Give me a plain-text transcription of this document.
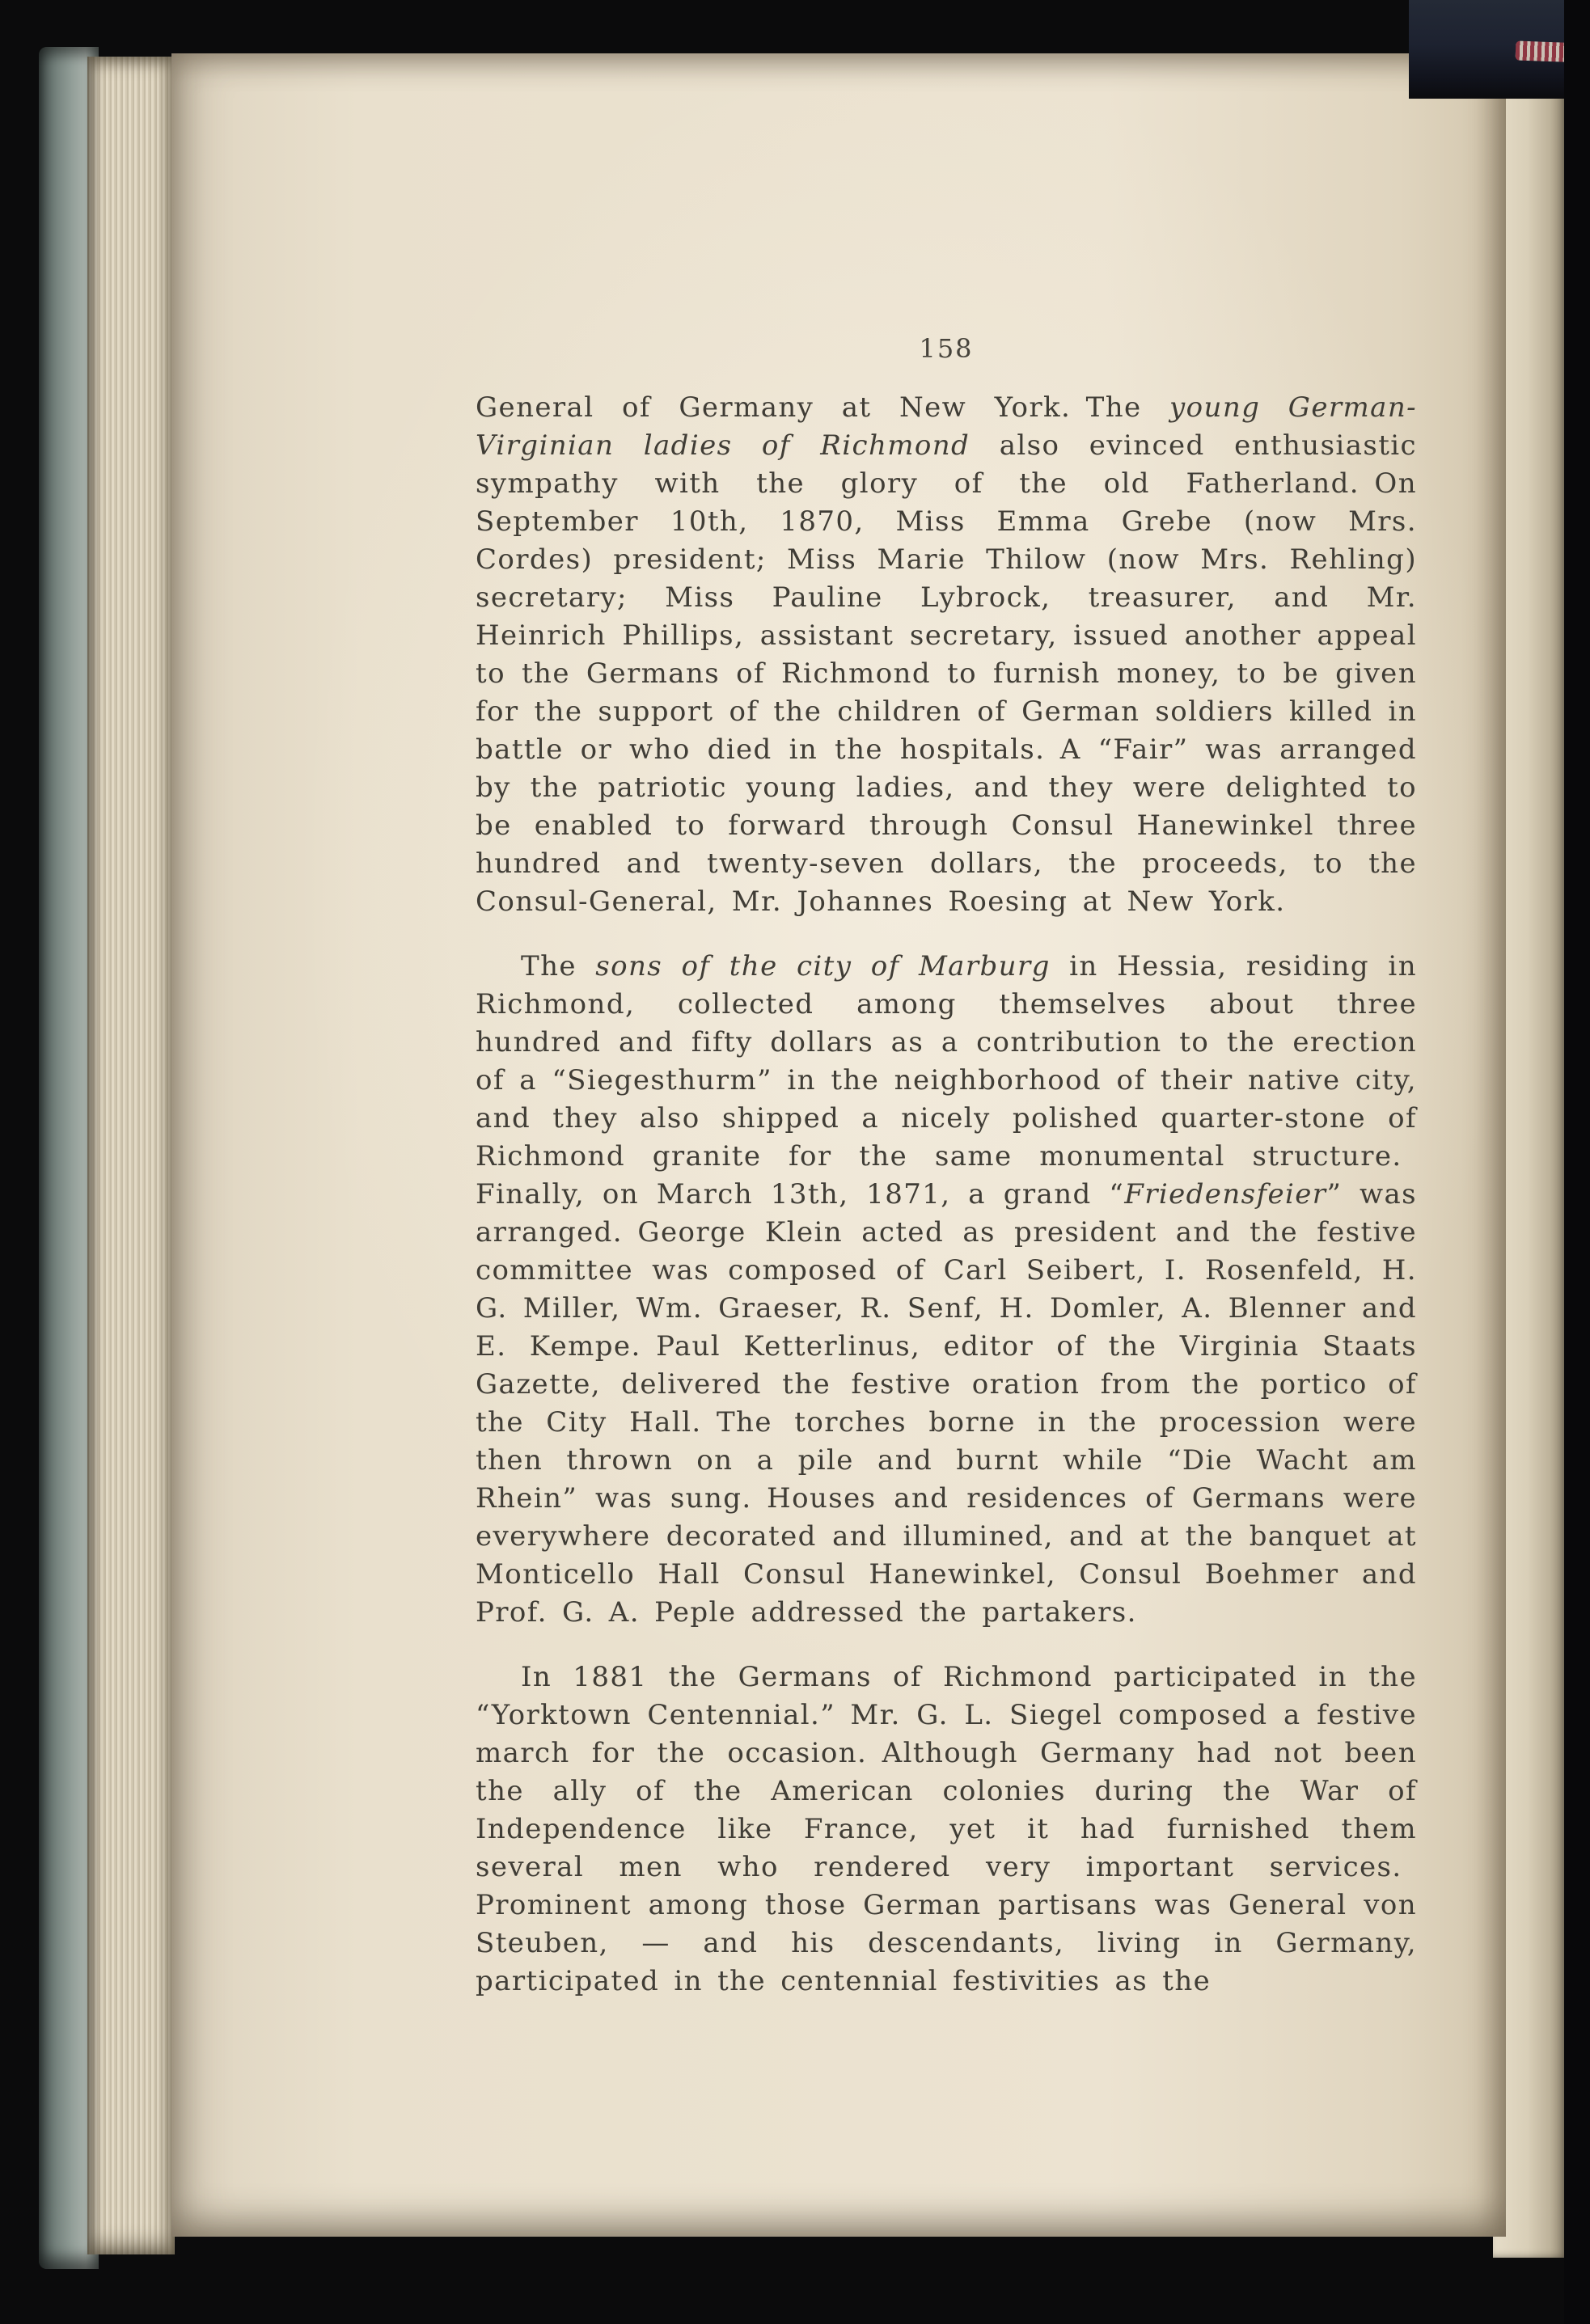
158

General of Germany at New York. The young German-Virginian ladies of Richmond also evinced enthusiastic sympathy with the glory of the old Fatherland. On September 10th, 1870, Miss Emma Grebe (now Mrs. Cordes) president; Miss Marie Thilow (now Mrs. Rehling) secretary; Miss Pauline Lybrock, treasurer, and Mr. Heinrich Phillips, assistant secretary, issued another appeal to the Germans of Richmond to furnish money, to be given for the support of the children of German soldiers killed in battle or who died in the hospitals. A “Fair” was arranged by the patriotic young ladies, and they were delighted to be enabled to forward through Consul Hanewinkel three hundred and twenty-seven dollars, the proceeds, to the Consul-General, Mr. Johannes Roesing at New York.

The sons of the city of Marburg in Hessia, residing in Richmond, collected among themselves about three hundred and fifty dollars as a contribution to the erection of a “Siegesthurm” in the neighborhood of their native city, and they also shipped a nicely polished quarter-stone of Richmond granite for the same monumental structure. Finally, on March 13th, 1871, a grand “Friedensfeier” was arranged. George Klein acted as president and the festive committee was composed of Carl Seibert, I. Rosenfeld, H. G. Miller, Wm. Graeser, R. Senf, H. Domler, A. Blenner and E. Kempe. Paul Ketterlinus, editor of the Virginia Staats Gazette, delivered the festive oration from the portico of the City Hall. The torches borne in the procession were then thrown on a pile and burnt while “Die Wacht am Rhein” was sung. Houses and residences of Germans were everywhere decorated and illumined, and at the banquet at Monticello Hall Consul Hanewinkel, Consul Boehmer and Prof. G. A. Peple addressed the partakers.

In 1881 the Germans of Richmond participated in the “Yorktown Centennial.” Mr. G. L. Siegel composed a festive march for the occasion. Although Germany had not been the ally of the American colonies during the War of Independence like France, yet it had furnished them several men who rendered very important services. Prominent among those German partisans was General von Steuben, — and his descendants, living in Germany, participated in the centennial festivities as the
